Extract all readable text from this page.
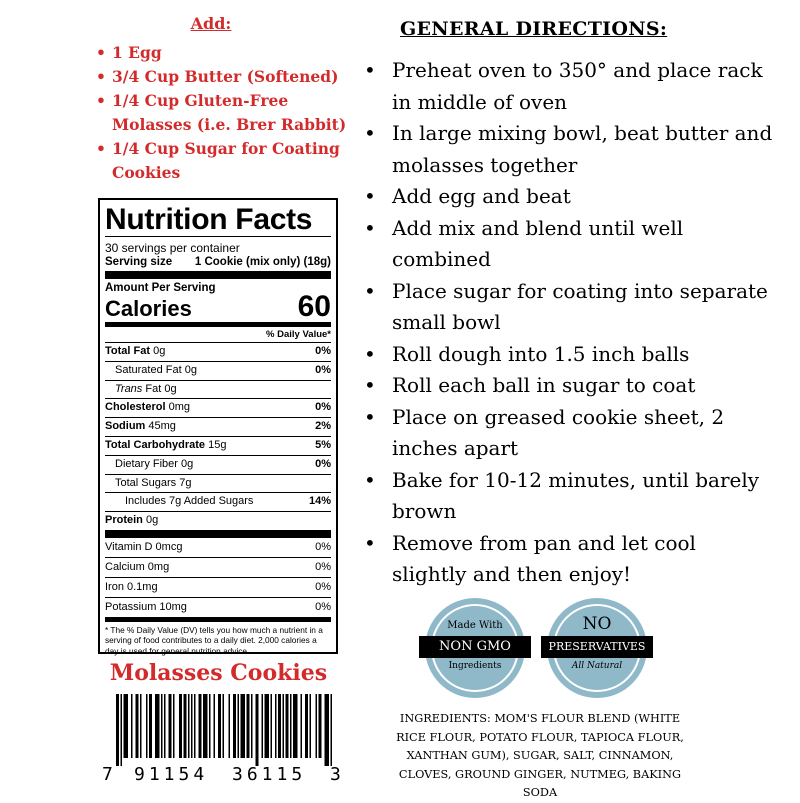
Add:
• 1 Egg
• 3/4 Cup Butter (Softened)
• 1/4 Cup Gluten-Free Molasses (i.e. Brer Rabbit)
• 1/4 Cup Sugar for Coating Cookies
Nutrition Facts
30 servings per container
Serving size 1 Cookie (mix only) (18g)
Amount Per Serving
Calories	60
% Daily Value*
Total Fat 0g	0%
Saturated Fat 0g	0%
Trans Fat 0g
Cholesterol 0mg	0%
Sodium 45mg	2%
Total Carbohydrate 15g	5%
Dietary Fiber 0g	0%
Total Sugars 7g
Includes 7g Added Sugars	14%
Protein 0g
Vitamin D 0mcg	0%
Calcium 0mg	0%
Iron 0.1mg	0%
Potassium 10mg	0%
* The % Daily Value (DV) tells you how much a nutrient in a serving of food contributes to a daily diet. 2,000 calories a day is used for general nutrition advice.
Molasses Cookies
7 91154 36115 3
GENERAL DIRECTIONS:
• Preheat oven to 350° and place rack in middle of oven
• In large mixing bowl, beat butter and molasses together
• Add egg and beat
• Add mix and blend until well combined
• Place sugar for coating into separate small bowl
• Roll dough into 1.5 inch balls
• Roll each ball in sugar to coat
• Place on greased cookie sheet, 2 inches apart
• Bake for 10-12 minutes, until barely brown
• Remove from pan and let cool slightly and then enjoy!
Made With
NON GMO
Ingredients
NO
PRESERVATIVES
All Natural
INGREDIENTS: MOM'S FLOUR BLEND (WHITE RICE FLOUR, POTATO FLOUR, TAPIOCA FLOUR, XANTHAN GUM), SUGAR, SALT, CINNAMON, CLOVES, GROUND GINGER, NUTMEG, BAKING SODA
